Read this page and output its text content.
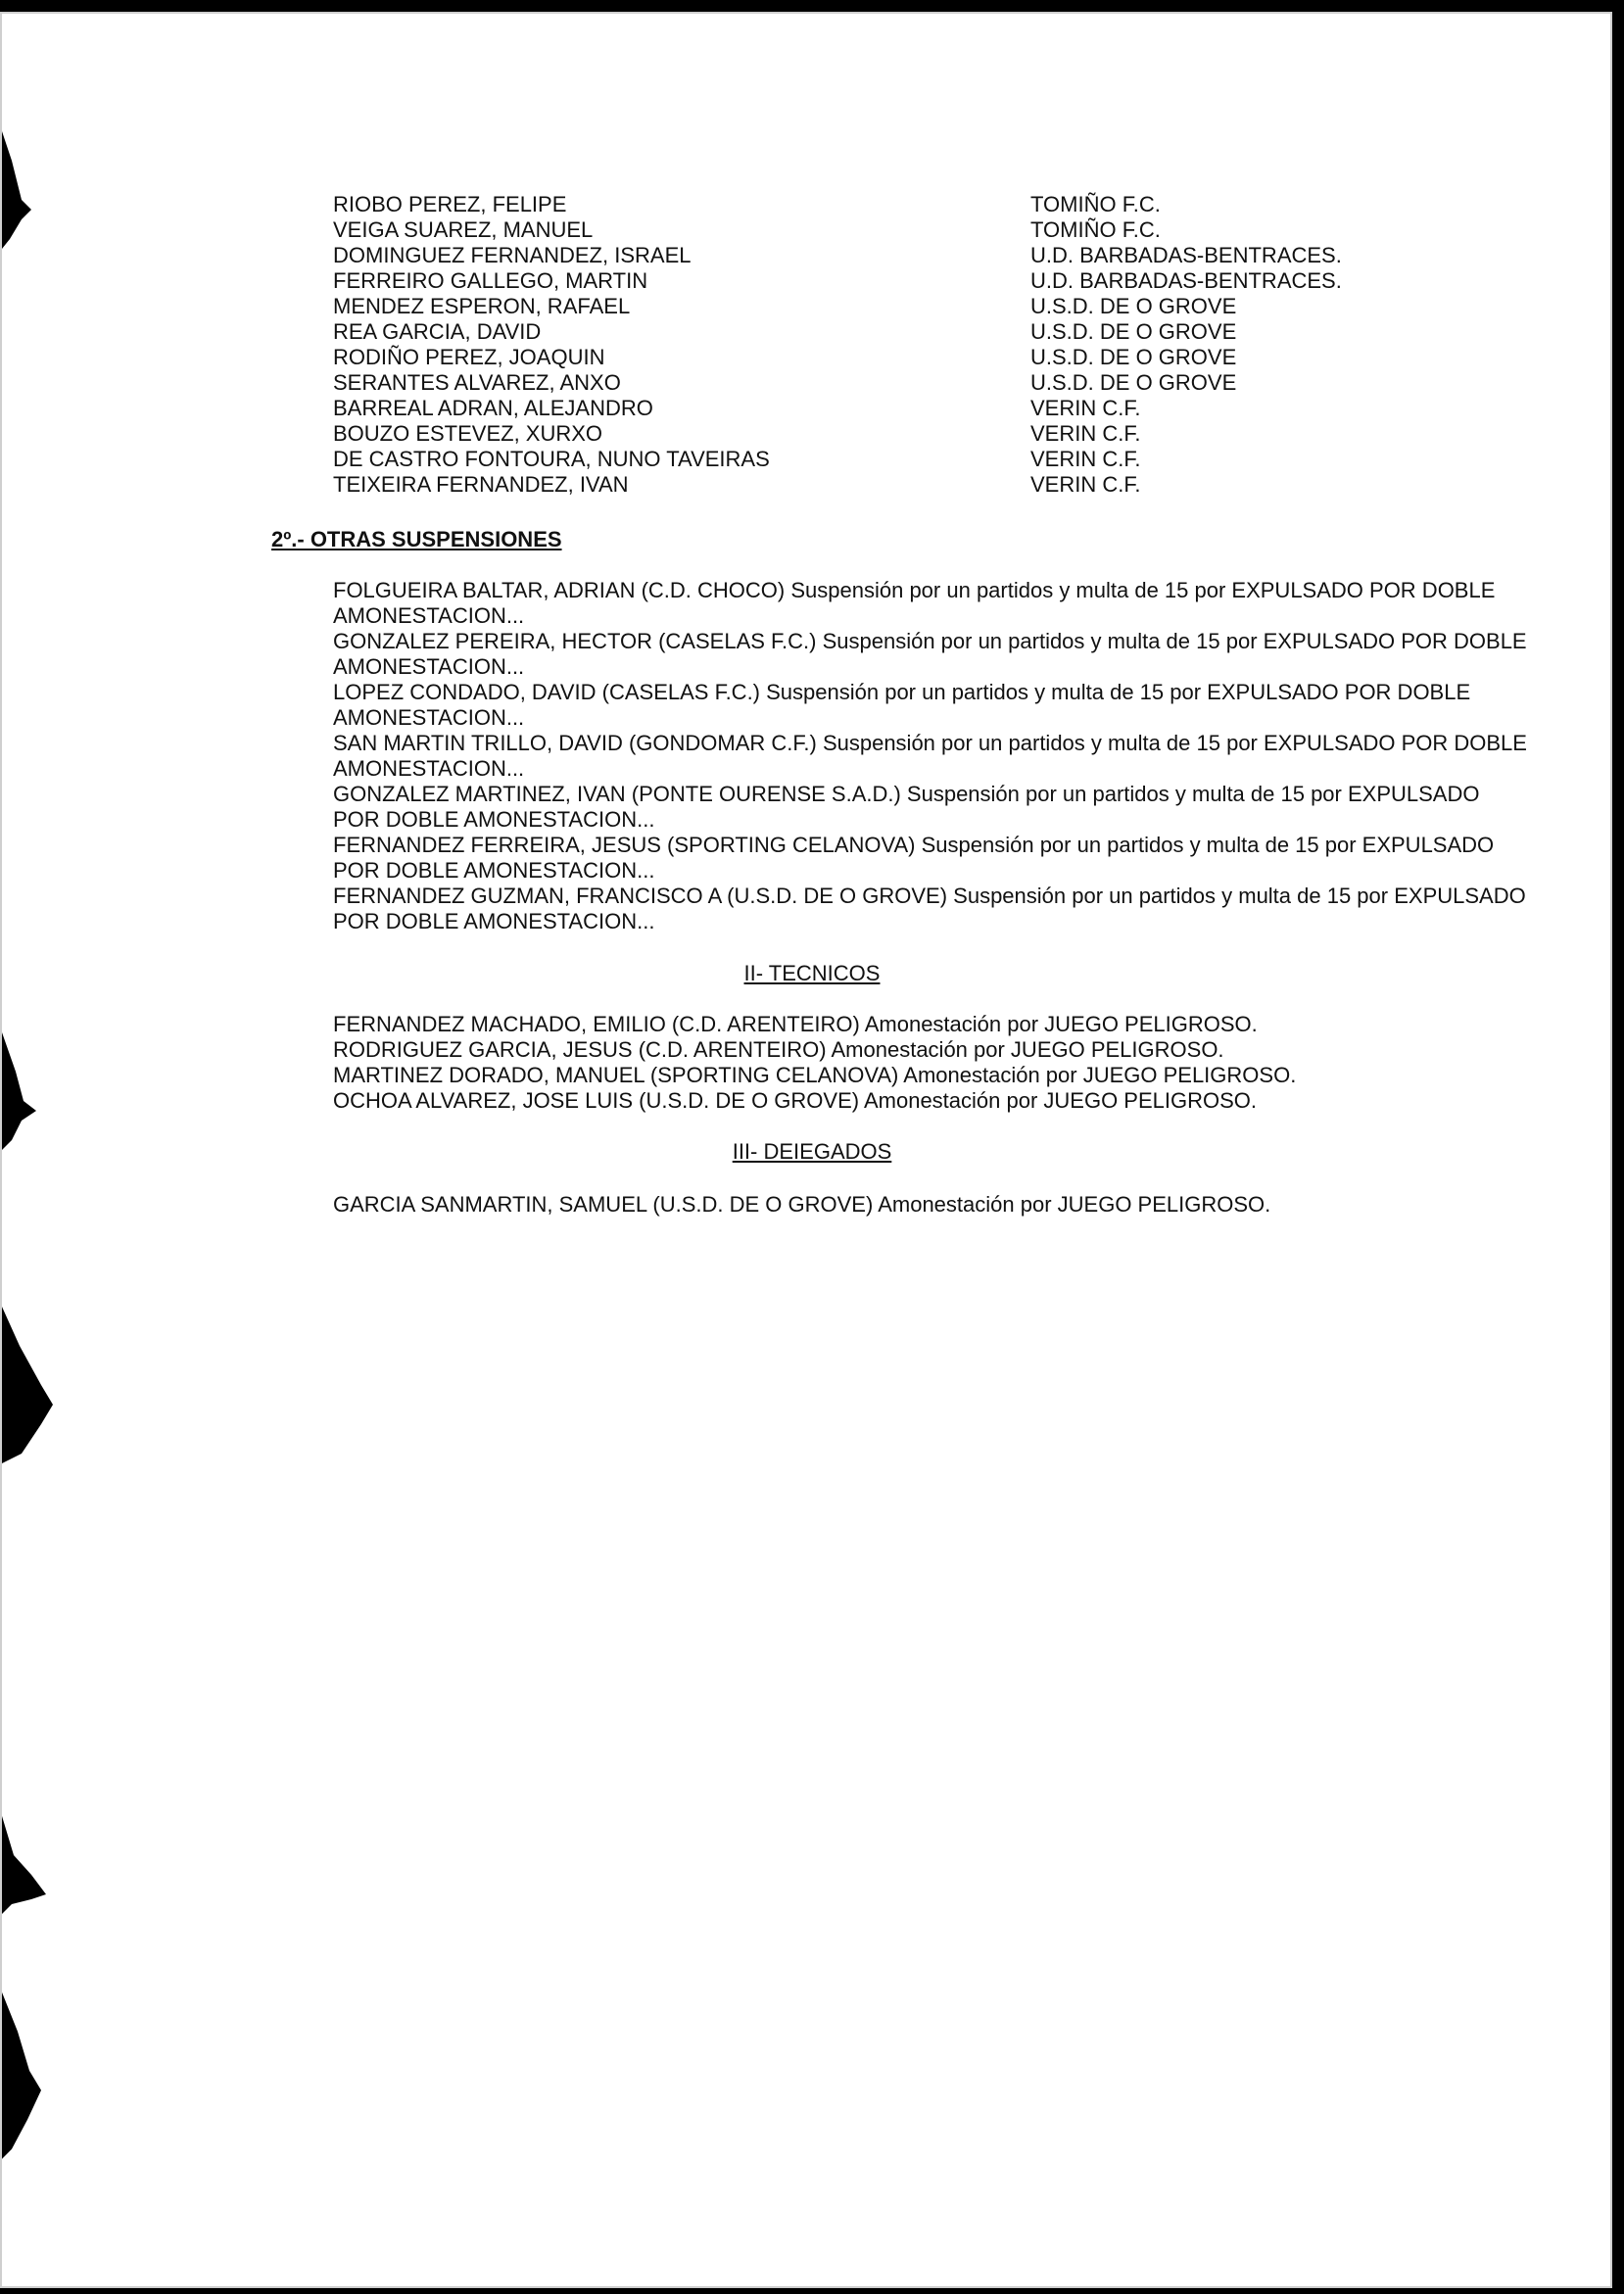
RIOBO PEREZ, FELIPE	TOMIÑO F.C.
VEIGA SUAREZ, MANUEL	TOMIÑO F.C.
DOMINGUEZ FERNANDEZ, ISRAEL	U.D. BARBADAS-BENTRACES.
FERREIRO GALLEGO, MARTIN	U.D. BARBADAS-BENTRACES.
MENDEZ ESPERON, RAFAEL	U.S.D. DE O GROVE
REA GARCIA, DAVID	U.S.D. DE O GROVE
RODIÑO PEREZ, JOAQUIN	U.S.D. DE O GROVE
SERANTES ALVAREZ, ANXO	U.S.D. DE O GROVE
BARREAL ADRAN, ALEJANDRO	VERIN C.F.
BOUZO ESTEVEZ, XURXO	VERIN C.F.
DE CASTRO FONTOURA, NUNO TAVEIRAS	VERIN C.F.
TEIXEIRA FERNANDEZ, IVAN	VERIN C.F.
2º.- OTRAS SUSPENSIONES

FOLGUEIRA BALTAR, ADRIAN (C.D. CHOCO) Suspensión por un partidos y multa de 15 por EXPULSADO POR DOBLE AMONESTACION...

GONZALEZ PEREIRA, HECTOR (CASELAS F.C.) Suspensión por un partidos y multa de 15 por EXPULSADO POR DOBLE AMONESTACION...

LOPEZ CONDADO, DAVID (CASELAS F.C.) Suspensión por un partidos y multa de 15 por EXPULSADO POR DOBLE AMONESTACION...

SAN MARTIN TRILLO, DAVID (GONDOMAR C.F.) Suspensión por un partidos y multa de 15 por EXPULSADO POR DOBLE AMONESTACION...

GONZALEZ MARTINEZ, IVAN (PONTE OURENSE S.A.D.) Suspensión por un partidos y multa de 15 por EXPULSADO POR DOBLE AMONESTACION...

FERNANDEZ FERREIRA, JESUS (SPORTING CELANOVA) Suspensión por un partidos y multa de 15 por EXPULSADO POR DOBLE AMONESTACION...

FERNANDEZ GUZMAN, FRANCISCO A (U.S.D. DE O GROVE) Suspensión por un partidos y multa de 15 por EXPULSADO POR DOBLE AMONESTACION...

II- TECNICOS

FERNANDEZ MACHADO, EMILIO (C.D. ARENTEIRO) Amonestación por JUEGO PELIGROSO.

RODRIGUEZ GARCIA, JESUS (C.D. ARENTEIRO) Amonestación por JUEGO PELIGROSO.

MARTINEZ DORADO, MANUEL (SPORTING CELANOVA) Amonestación por JUEGO PELIGROSO.

OCHOA ALVAREZ, JOSE LUIS (U.S.D. DE O GROVE) Amonestación por JUEGO PELIGROSO.

III- DEIEGADOS

GARCIA SANMARTIN, SAMUEL (U.S.D. DE O GROVE) Amonestación por JUEGO PELIGROSO.
